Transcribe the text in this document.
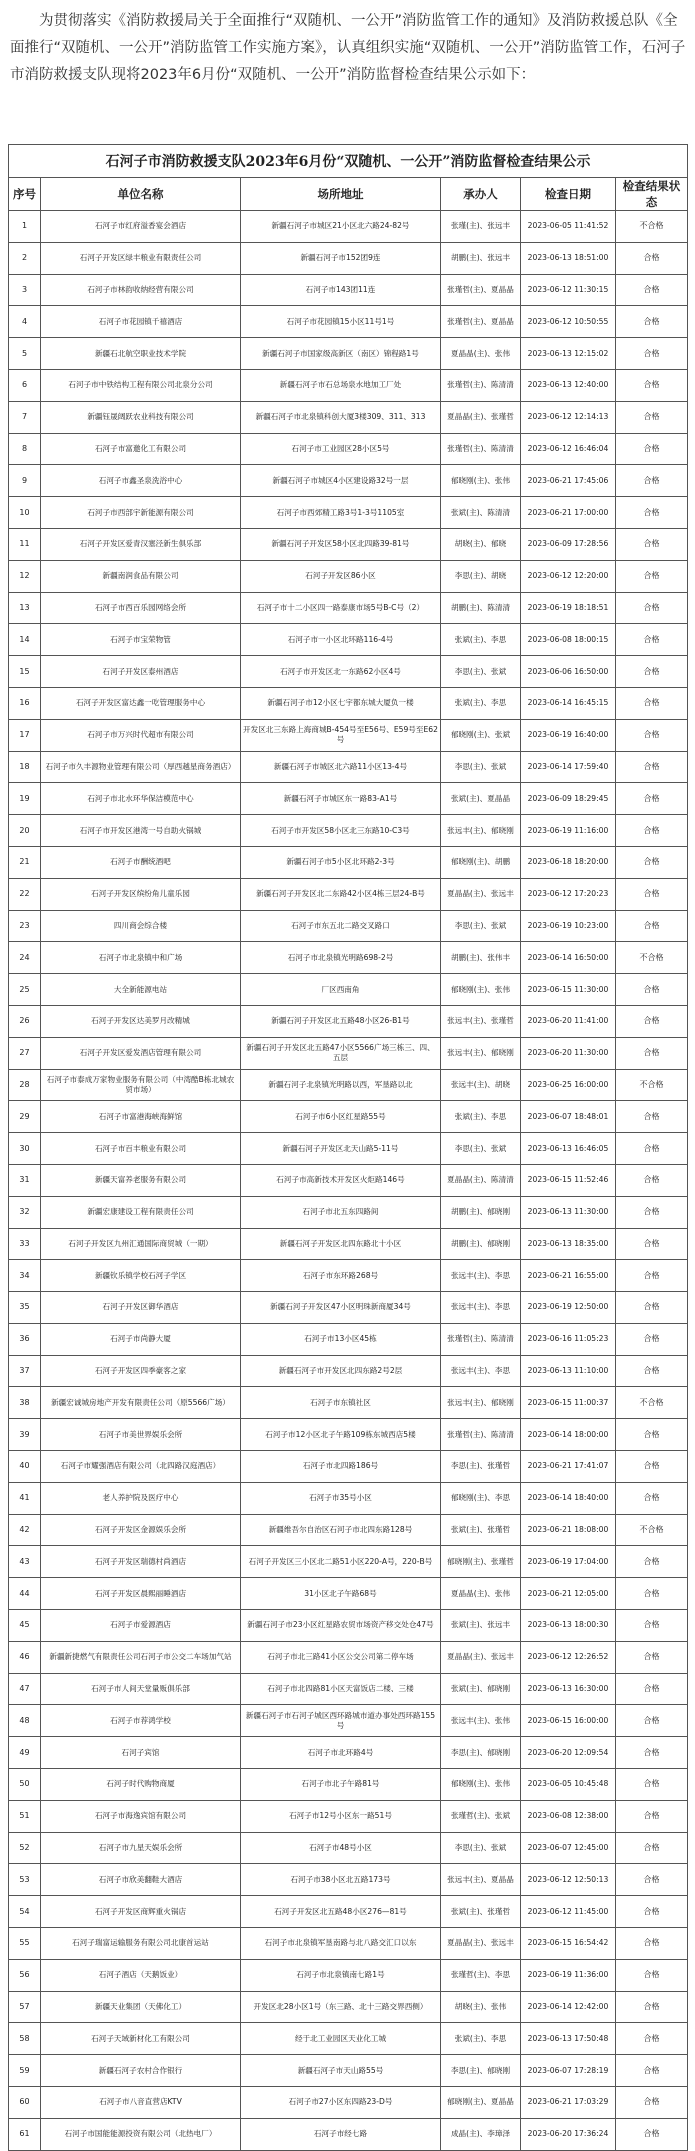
为贯彻落实《消防救援局关于全面推行“双随机、一公开”消防监管工作的通知》及消防救援总队《全面推行“双随机、一公开”消防监管工作实施方案》，认真组织实施“双随机、一公开”消防监管工作，石河子市消防救援支队现将2023年6月份“双随机、一公开”消防监督检查结果公示如下：

石河子市消防救援支队2023年6月份“双随机、一公开”消防监督检查结果公示					
序号	单位名称	场所地址	承办人	检查日期	检查结果状态
1	石河子市红府溢香宴会酒店	新疆石河子市城区21小区北六路24-82号	张瑾(主)、张远丰	2023-06-05 11:41:52	不合格
2	石河子开发区绿丰粮业有限责任公司	新疆石河子市152团9连	胡鹏(主)、张远丰	2023-06-13 18:51:00	合格
3	石河子市林韵收纳经营有限公司	石河子市143团11连	张瑾哲(主)、夏晶晶	2023-06-12 11:30:15	合格
4	石河子市花园镇千禧酒店	石河子市花园镇15小区11号1号	张瑾哲(主)、夏晶晶	2023-06-12 10:50:55	合格
5	新疆石北航空职业技术学院	新疆石河子市国家级高新区（南区）锦程路1号	夏晶晶(主)、张伟	2023-06-13 12:15:02	合格
6	石河子市中铁结构工程有限公司北泉分公司	新疆石河子市石总场泉水地加工厂处	张瑾哲(主)、陈清清	2023-06-13 12:40:00	合格
7	新疆钰晟阔跃农业科技有限公司	新疆石河子市北泉镇科创大厦3楼309、311、313	夏晶晶(主)、张瑾哲	2023-06-12 12:14:13	合格
8	石河子市富邀化工有限公司	石河子市工业园区28小区5号	张瑾哲(主)、陈清清	2023-06-12 16:46:04	合格
9	石河子市鑫圣泉洗浴中心	新疆石河子市城区4小区建设路32号一层	郁晓刚(主)、张伟	2023-06-21 17:45:06	合格
10	石河子市西部宇新能源有限公司	石河子市西郊精工路3号1-3号1105室	张斌(主)、陈清清	2023-06-21 17:00:00	合格
11	石河子开发区爱青汉塞泾新生俱乐部	新疆石河子开发区58小区北四路39-81号	胡晓(主)、郁晓	2023-06-09 17:28:56	合格
12	新疆南润食品有限公司	石河子开发区86小区	李思(主)、胡晓	2023-06-12 12:20:00	合格
13	石河子市西百乐园网络会所	石河子市十二小区四一路泰康市场5号B-C号（2）	胡鹏(主)、陈清清	2023-06-19 18:18:51	合格
14	石河子市宝荣物管	石河子市一小区北环路116-4号	张斌(主)、李思	2023-06-08 18:00:15	合格
15	石河子开发区泰州酒店	石河子市开发区北一东路62小区4号	李思(主)、张斌	2023-06-06 16:50:00	合格
16	石河子开发区富达鑫一吃管理服务中心	新疆石河子市12小区七宇都东城大厦负一楼	张斌(主)、李思	2023-06-14 16:45:15	合格
17	石河子市万兴时代超市有限公司	开发区北三东路上海商城B-454号至E56号、E59号至E62号	郁晓刚(主)、张斌	2023-06-19 16:40:00	合格
18	石河子市久丰源物业管理有限公司（厚西越星商务酒店）	新疆石河子市城区北六路11小区13-4号	李思(主)、张斌	2023-06-14 17:59:40	合格
19	石河子市北水环华保洁模范中心	新疆石河子市城区东一路83-A1号	张斌(主)、夏晶晶	2023-06-09 18:29:45	合格
20	石河子市开发区港湾一号自助火锅城	石河子市开发区58小区北三东路10-C3号	张远丰(主)、郁晓刚	2023-06-19 11:16:00	合格
21	石河子市酬统酒吧	新疆石河子市5小区北环路2-3号	郁晓刚(主)、胡鹏	2023-06-18 18:20:00	合格
22	石河子开发区缤纷角儿童乐园	新疆石河子开发区北二东路42小区4栋三层24-B号	夏晶晶(主)、张远丰	2023-06-12 17:20:23	合格
23	四川商会综合楼	石河子市东五北二路交叉路口	李思(主)、张斌	2023-06-19 10:23:00	合格
24	石河子市北泉镇中和广场	石河子市北泉镇光明路698-2号	胡鹏(主)、张伟丰	2023-06-14 16:50:00	不合格
25	大全新能源电站	厂区西南角	郁晓刚(主)、张伟	2023-06-15 11:30:00	合格
26	石河子开发区达美罗月改精城	新疆石河子开发区北五路48小区26-B1号	张远丰(主)、张瑾哲	2023-06-20 11:41:00	合格
27	石河子开发区爱发酒店管理有限公司	新疆石河子开发区北五路47小区5566广场三栋三、四、五层	张远丰(主)、郁晓刚	2023-06-20 11:30:00	合格
28	石河子市泰成万家物业服务有限公司（中湾酷B栋北城农贸市场）	新疆石河子北泉镇光明路以西，军垦路以北	张远丰(主)、胡晓	2023-06-25 16:00:00	不合格
29	石河子市富港海峡海鲜馆	石河子市6小区红星路55号	张斌(主)、李思	2023-06-07 18:48:01	合格
30	石河子市百丰粮业有限公司	新疆石河子开发区北天山路5-11号	李思(主)、张斌	2023-06-13 16:46:05	合格
31	新疆天富养老服务有限公司	石河子市高新技术开发区火炬路146号	夏晶晶(主)、陈清清	2023-06-15 11:52:46	合格
32	新疆宏康建设工程有限责任公司	石河子市北五东四路间	胡鹏(主)、郁晓刚	2023-06-13 11:30:00	合格
33	石河子开发区九州汇通国际商贸城（一期）	新疆石河子开发区北四东路北十小区	胡鹏(主)、郁晓刚	2023-06-13 18:35:00	合格
34	新疆钦乐镇学校石河子学区	石河子市东环路268号	张远丰(主)、李思	2023-06-21 16:55:00	合格
35	石河子开发区御华酒店	新疆石河子开发区47小区明珠新商厦34号	张远丰(主)、李思	2023-06-19 12:50:00	合格
36	石河子市尚静大厦	石河子市13小区45栋	张瑾哲(主)、陈清清	2023-06-16 11:05:23	合格
37	石河子开发区四季豪客之家	新疆石河子市开发区北四东路2号2层	张远丰(主)、李思	2023-06-13 11:10:00	合格
38	新疆宏诚城房地产开发有限责任公司（原5566广场）	石河子市东镇社区	张远丰(主)、郁晓刚	2023-06-15 11:00:37	不合格
39	石河子市美世界娱乐会所	石河子市12小区北子午路109栋东城西店5楼	张瑾哲(主)、陈清清	2023-06-14 18:00:00	合格
40	石河子市耀强酒店有限公司（北四路汉庭酒店）	石河子市北四路186号	李思(主)、张瑾哲	2023-06-21 17:41:07	合格
41	老人养护院及医疗中心	石河子市35号小区	郁晓刚(主)、李思	2023-06-14 18:40:00	合格
42	石河子开发区金源娱乐会所	新疆维吾尔自治区石河子市北四东路128号	张斌(主)、张瑾哲	2023-06-21 18:08:00	不合格
43	石河子开发区瑞德村尚酒店	石河子开发区三小区北二路51小区220-A号，220-B号	郁晓刚(主)、张瑾哲	2023-06-19 17:04:00	合格
44	石河子开发区晨熙丽睡酒店	31小区北子午路68号	夏晶晶(主)、张伟	2023-06-21 12:05:00	合格
45	石河子市爱源酒店	新疆石河子市23小区红星路农贸市场资产移交处仓47号	张斌(主)、张远丰	2023-06-13 18:00:30	合格
46	新疆新捷燃气有限责任公司石河子市公交二车场加气站	石河子市北三路41小区公交公司第二停车场	夏晶晶(主)、张远丰	2023-06-12 12:26:52	合格
47	石河子市人间天堂量贩俱乐部	石河子市北四路81小区天富饭店二楼、三楼	张斌(主)、郁晓刚	2023-06-13 16:30:00	合格
48	石河子市荐鸿学校	新疆石河子市石河子城区西环路城市道办事处西环路155号	张远丰(主)、张伟	2023-06-15 16:00:00	合格
49	石河子宾馆	石河子市北环路4号	李思(主)、郁晓刚	2023-06-20 12:09:54	合格
50	石河子时代购物商厦	石河子市北子午路81号	郁晓刚(主)、张伟	2023-06-05 10:45:48	合格
51	石河子市海逸宾馆有限公司	石河子市12号小区东一路51号	张瑾哲(主)、张斌	2023-06-08 12:38:00	合格
52	石河子市九星天娱乐会所	石河子市48号小区	李思(主)、张斌	2023-06-07 12:45:00	合格
53	石河子市欣美翻鞋大酒店	石河子市38小区北五路173号	张远丰(主)、夏晶晶	2023-06-12 12:50:13	合格
54	石河子开发区商辉重火锅店	石河子开发区北五路48小区276—81号	张斌(主)、张瑾哲	2023-06-12 11:45:00	合格
55	石河子瑞富运输服务有限公司北康首运站	石河子市北泉镇军垦南路与北八路交汇口以东	夏晶晶(主)、张远丰	2023-06-15 16:54:42	合格
56	石河子酒店（天鹅饭业）	石河子市北泉镇南七路1号	张瑾哲(主)、李思	2023-06-19 11:36:00	合格
57	新疆天业集团（天佛化工）	开发区北28小区1号（东三路、北十三路交界西侧）	胡晓(主)、张伟	2023-06-14 12:42:00	合格
58	石河子天域新材化工有限公司	经于北工业园区天业化工城	张斌(主)、李思	2023-06-13 17:50:48	合格
59	新疆石河子农村合作银行	新疆石河子市天山路55号	李思(主)、郁晓刚	2023-06-07 17:28:19	合格
60	石河子市八音直营店KTV	石河子市27小区东四路23-D号	郁晓刚(主)、夏晶晶	2023-06-21 17:03:29	合格
61	石河子市国能能源投资有限公司（北热电厂）	石河子市经七路	成晶(主)、李璋泽	2023-06-20 17:36:24	合格
